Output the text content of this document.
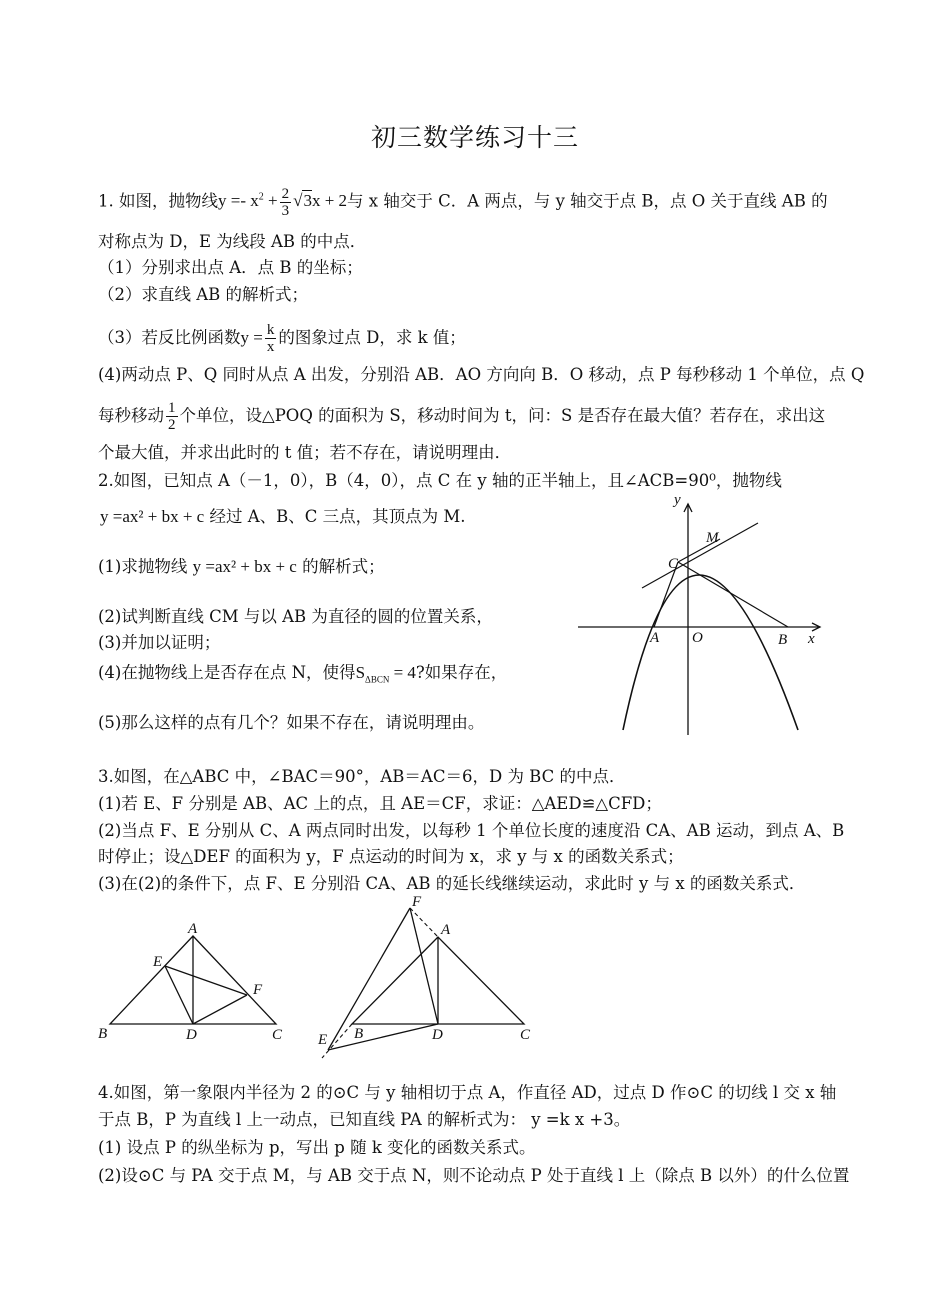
初三数学练习十三
1. 如图，抛物线$y =- x^2 + \frac{2}{3} √3x + 2$与 x 轴交于 C．A 两点，与 y 轴交于点 B，点 O 关于直线 AB 的
对称点为 D，E 为线段 AB 的中点．
（1）分别求出点 A．点 B 的坐标；
（2）求直线 AB 的解析式；
（3）若反比例函数$y = \frac{k}{x}$ 的图象过点 D，求 k 值；
(4)两动点 P、Q 同时从点 A 出发，分别沿 AB．AO 方向向 B．O 移动，点 P 每秒移动 1 个单位，点 Q
每秒移动 $\frac{1}{2}$ 个单位，设△POQ 的面积为 S，移动时间为 t，问：S 是否存在最大值？若存在，求出这
个最大值，并求出此时的 t 值；若不存在，请说明理由．
2.如图，已知点 A（－1，0），B（4，0），点 C 在 y 轴的正半轴上，且∠ACB=90⁰，抛物线
y =ax² + bx + c 经过 A、B、C 三点，其顶点为 M.
(1)求抛物线 y =ax² + bx + c 的解析式；
(2)试判断直线 CM 与以 AB 为直径的圆的位置关系，
(3)并加以证明；
(4)在抛物线上是否存在点 N，使得$S_{\Delta BCN} = 4$?如果存在，
(5)那么这样的点有几个？如果不存在，请说明理由。
y
x
M
C
A O	B
3.如图，在△ABC 中，∠BAC＝90°，AB＝AC＝6，D 为 BC 的中点．
(1)若 E、F 分别是 AB、AC 上的点，且 AE＝CF，求证：△AED≌△CFD；
(2)当点 F、E 分别从 C、A 两点同时出发，以每秒 1 个单位长度的速度沿 CA、AB 运动，到点 A、B
时停止；设△DEF 的面积为 y，F 点运动的时间为 x，求 y 与 x 的函数关系式；
(3)在(2)的条件下，点 F、E 分别沿 CA、AB 的延长线继续运动，求此时 y 与 x 的函数关系式．
A
E
F
B	D	C
F
A
B	D	C
E
4.如图，第一象限内半径为 2 的⊙C 与 y 轴相切于点 A，作直径 AD，过点 D 作⊙C 的切线 l 交 x 轴
于点 B，P 为直线 l 上一动点，已知直线 PA 的解析式为： y =k x +3。
(1) 设点 P 的纵坐标为 p，写出 p 随 k 变化的函数关系式。
(2)设⊙C 与 PA 交于点 M，与 AB 交于点 N，则不论动点 P 处于直线 l 上（除点 B 以外）的什么位置
